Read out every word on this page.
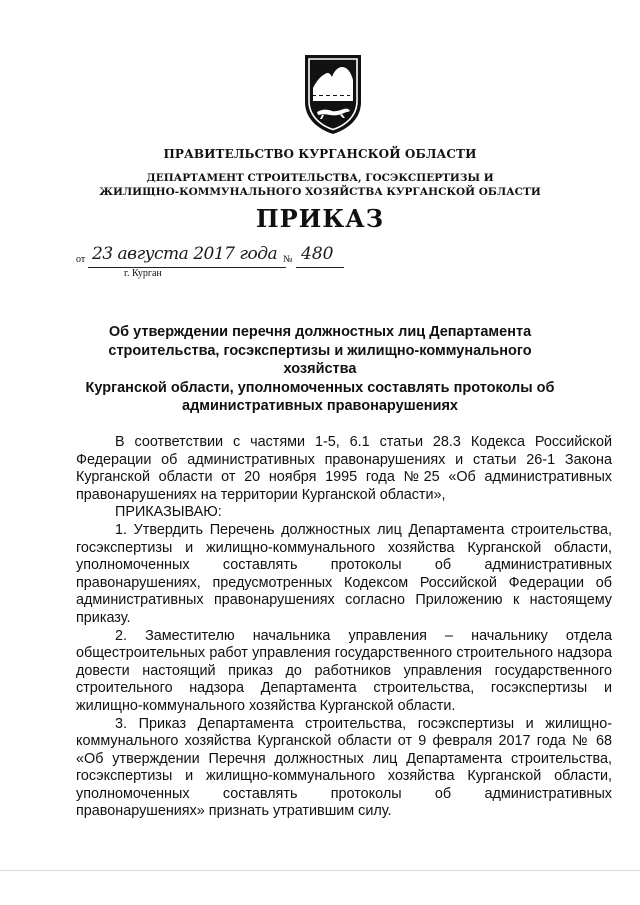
ПРАВИТЕЛЬСТВО КУРГАНСКОЙ ОБЛАСТИ
ДЕПАРТАМЕНТ СТРОИТЕЛЬСТВА, ГОСЭКСПЕРТИЗЫ И
ЖИЛИЩНО-КОММУНАЛЬНОГО ХОЗЯЙСТВА КУРГАНСКОЙ ОБЛАСТИ
ПРИКАЗ
от 23 августа 2017 года № 480
г. Курган
Об утверждении перечня должностных лиц Департамента
строительства, госэкспертизы и жилищно-коммунального хозяйства
Курганской области, уполномоченных составлять протоколы об
административных правонарушениях

В соответствии с частями 1-5, 6.1 статьи 28.3 Кодекса Российской Федерации об административных правонарушениях и статьи 26-1 Закона Курганской области от 20 ноября 1995 года №25 «Об административных правонарушениях на территории Курганской области»,

ПРИКАЗЫВАЮ:

1. Утвердить Перечень должностных лиц Департамента строительства, госэкспертизы и жилищно-коммунального хозяйства Курганской области, уполномоченных составлять протоколы об административных правонарушениях, предусмотренных Кодексом Российской Федерации об административных правонарушениях согласно Приложению к настоящему приказу.

2. Заместителю начальника управления – начальнику отдела общестроительных работ управления государственного строительного надзора довести настоящий приказ до работников управления государственного строительного надзора Департамента строительства, госэкспертизы и жилищно-коммунального хозяйства Курганской области.

3. Приказ Департамента строительства, госэкспертизы и жилищно-коммунального хозяйства Курганской области от 9 февраля 2017 года № 68 «Об утверждении Перечня должностных лиц Департамента строительства, госэкспертизы и жилищно-коммунального хозяйства Курганской области, уполномоченных составлять протоколы об административных правонарушениях» признать утратившим силу.
